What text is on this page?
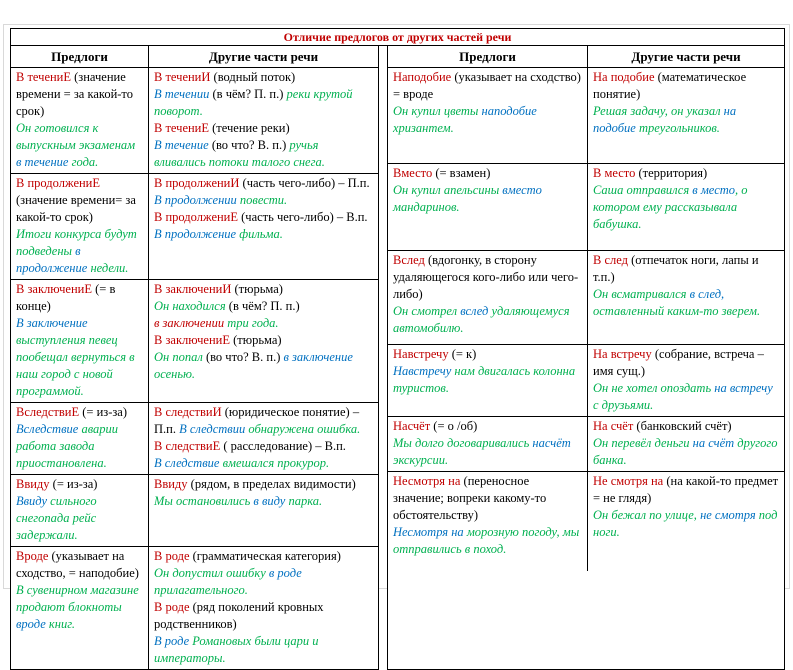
Отличие предлогов от других частей речи
Предлоги	Другие части речи
В течениЕ (значение времени = за какой-то срок)
Он готовился к выпускным экзаменам в течение года.
В течениИ (водный поток)
В течении (в чём? П. п.) реки крутой поворот.
В течениЕ (течение реки)
В течение (во что? В. п.) ручья вливались потоки талого снега.
В продолжениЕ (значение времени= за какой-то срок)
Итоги конкурса будут подведены в продолжение недели.
В продолжениИ (часть чего-либо) – П.п.
В продолжении повести.
В продолжениЕ (часть чего-либо) – В.п.
В продолжение фильма.
В заключениЕ (= в конце)
В заключение выступления певец пообещал вернуться в наш город с новой программой.
В заключениИ (тюрьма)
Он находился (в чём? П. п.)
в заключении три года.
В заключениЕ (тюрьма)
Он попал (во что? В. п.) в заключение осенью.
ВследствиЕ (= из-за)
Вследствие аварии работа завода приостановлена.
В следствиИ (юридическое понятие) – П.п. В следствии обнаружена ошибка.
В следствиЕ ( расследование) – В.п.
В следствие вмешался прокурор.
Ввиду (= из-за)
Ввиду сильного снегопада рейс задержали.
Ввиду (рядом, в пределах видимости)
Мы остановились в виду парка.
Вроде (указывает на сходство, = наподобие)
В сувенирном магазине продают блокноты вроде книг.
В роде (грамматическая категория)
Он допустил ошибку в роде прилагательного.
В роде (ряд поколений кровных родственников)
В роде Романовых были цари и императоры.
Предлоги	Другие части речи
Наподобие (указывает на сходство) = вроде
Он купил цветы наподобие хризантем.
На подобие (математическое понятие)
Решая задачу, он указал на подобие треугольников.
Вместо (= взамен)
Он купил апельсины вместо мандаринов.
В место (территория)
Саша отправился в место, о котором ему рассказывала бабушка.
Вслед (вдогонку, в сторону удаляющегося кого-либо или чего-либо)
Он смотрел вслед удаляющемуся автомобилю.
В след (отпечаток ноги, лапы и т.п.)
Он всматривался в след, оставленный каким-то зверем.
Навстречу (= к)
Навстречу нам двигалась колонна туристов.
На встречу (собрание, встреча – имя сущ.)
Он не хотел опоздать на встречу с друзьями.
Насчёт (= о /об)
Мы долго договаривались насчёт экскурсии.
На счёт (банковский счёт)
Он перевёл деньги на счёт другого банка.
Несмотря на (переносное значение; вопреки какому-то обстоятельству)
Несмотря на морозную погоду, мы отправились в поход.
Не смотря на (на какой-то предмет = не глядя)
Он бежал по улице, не смотря под ноги.
